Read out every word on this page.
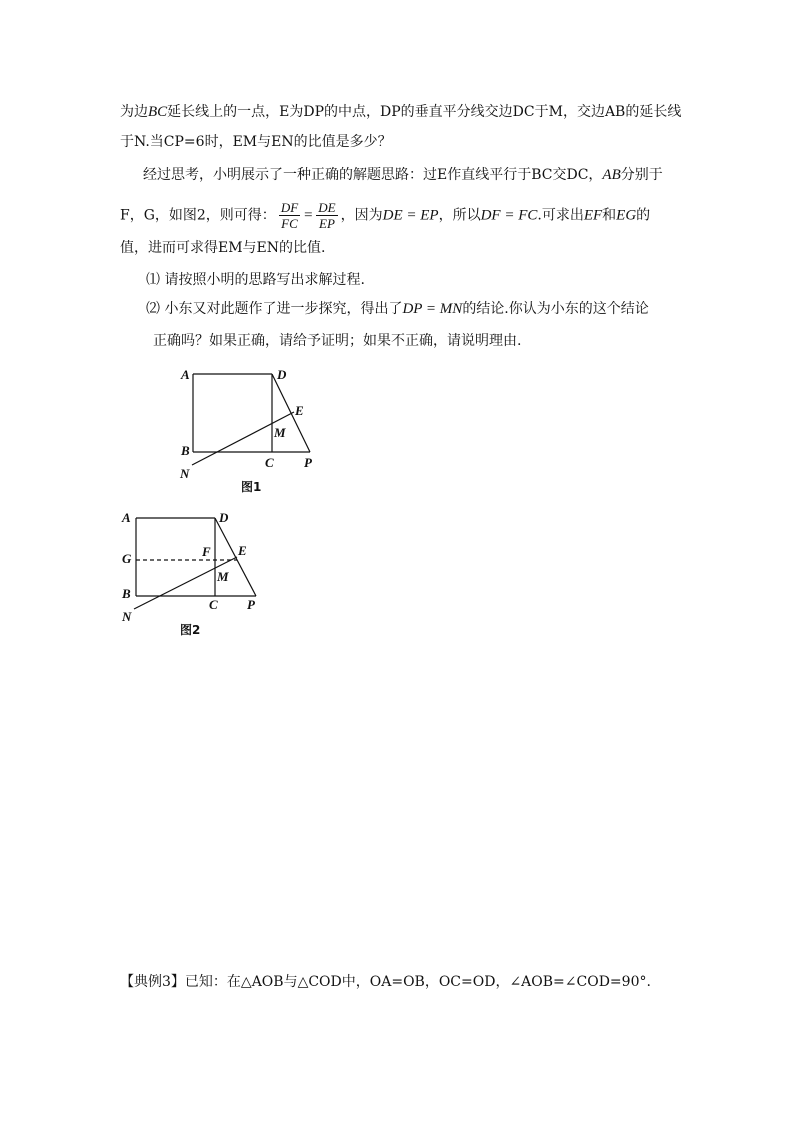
为边BC延长线上的一点，E为DP的中点，DP的垂直平分线交边DC于M，交边AB的延长线
于N.当CP=6时，EM与EN的比值是多少？
经过思考，小明展示了一种正确的解题思路：过E作直线平行于BC交DC，AB分别于
F，G，如图2，则可得： $\frac{DF}{FC} = \frac{DE}{EP}$ ，因为DE = EP，所以DF = FC.可求出EF和EG的
值，进而可求得EM与EN的比值.
⑴ 请按照小明的思路写出求解过程.
⑵ 小东又对此题作了进一步探究，得出了DP = MN的结论.你认为小东的这个结论
正确吗？如果正确，请给予证明；如果不正确，请说明理由.
A	D
E
M
B
C P
N
图1
A	D
G	F E
M
B
C P
N
图2
【典例3】已知：在△AOB与△COD中，OA=OB，OC=OD，∠AOB=∠COD=90°.
